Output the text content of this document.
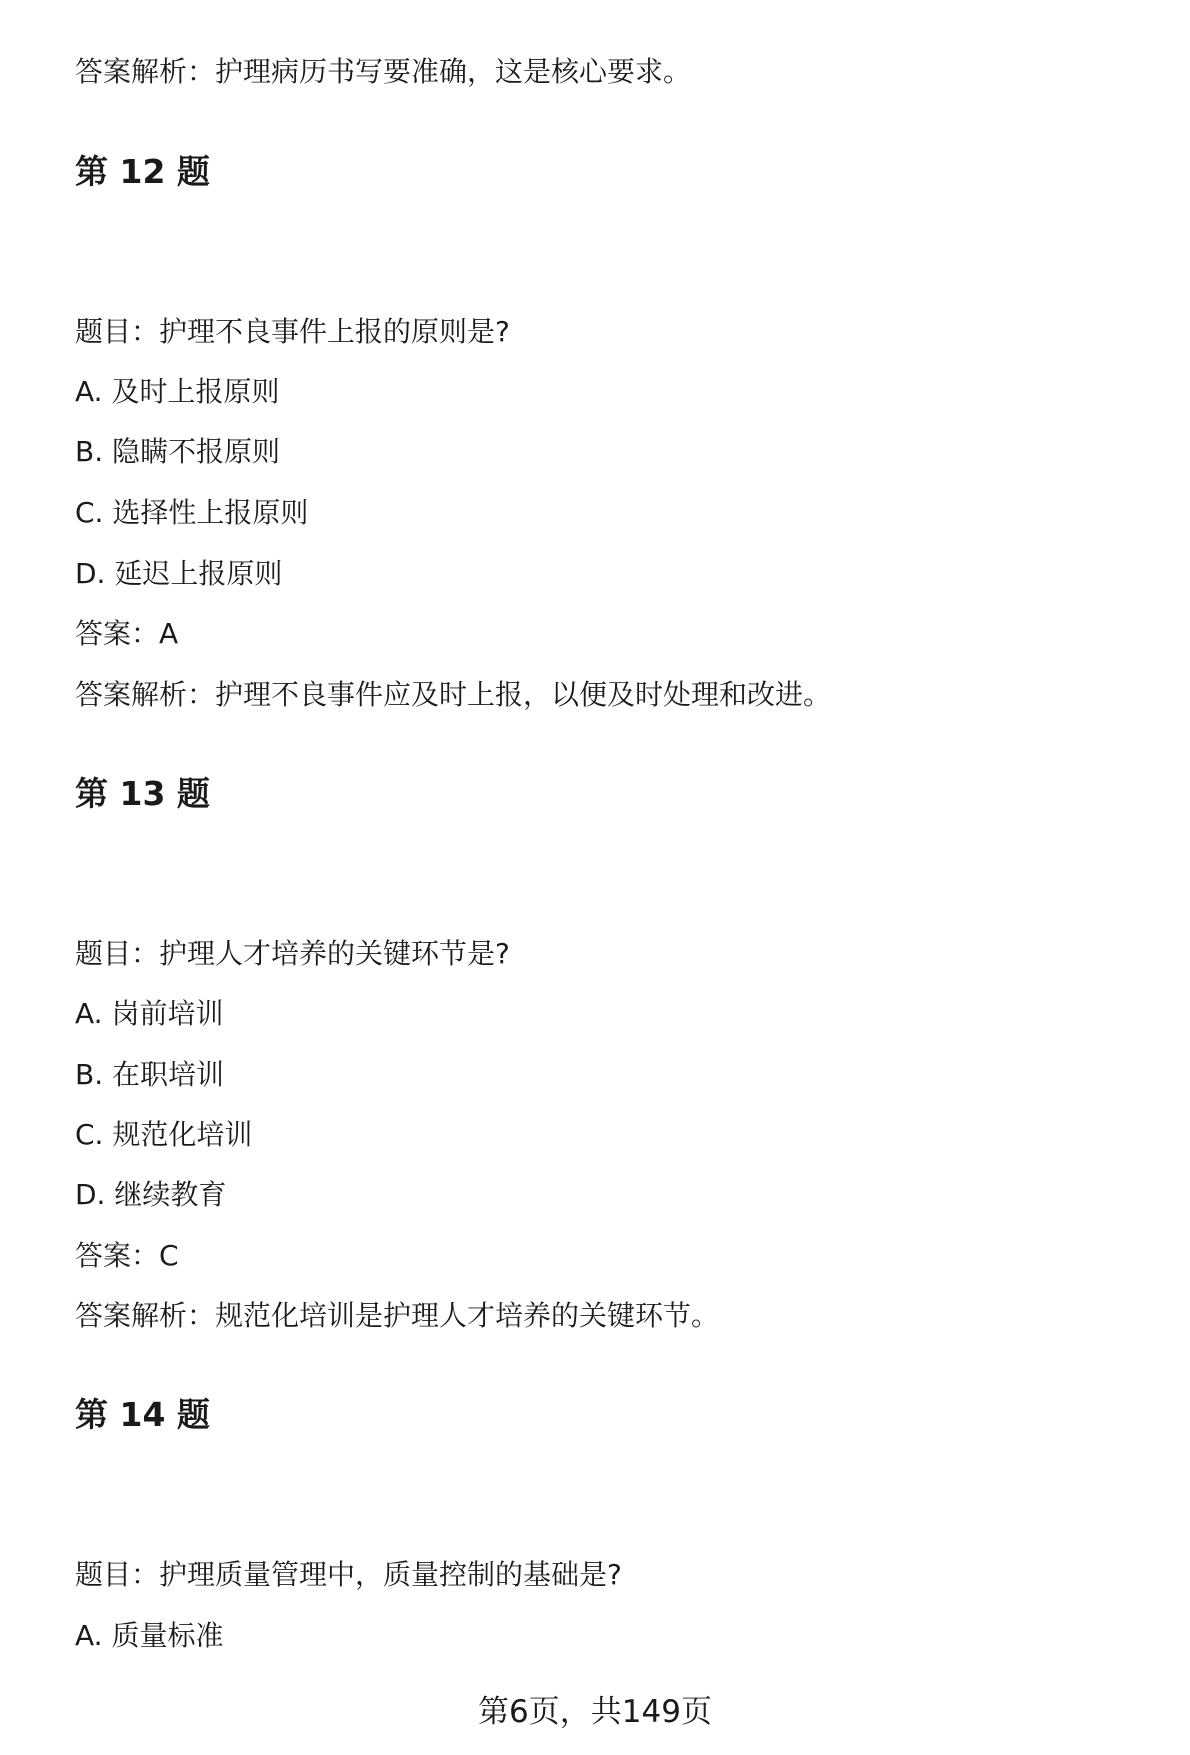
答案解析：护理病历书写要准确，这是核心要求。

第 12 题

题目：护理不良事件上报的原则是?

A. 及时上报原则

B. 隐瞒不报原则

C. 选择性上报原则

D. 延迟上报原则

答案：A

答案解析：护理不良事件应及时上报，以便及时处理和改进。

第 13 题

题目：护理人才培养的关键环节是?

A. 岗前培训

B. 在职培训

C. 规范化培训

D. 继续教育

答案：C

答案解析：规范化培训是护理人才培养的关键环节。

第 14 题

题目：护理质量管理中，质量控制的基础是?

A. 质量标准

第6页，共149页
